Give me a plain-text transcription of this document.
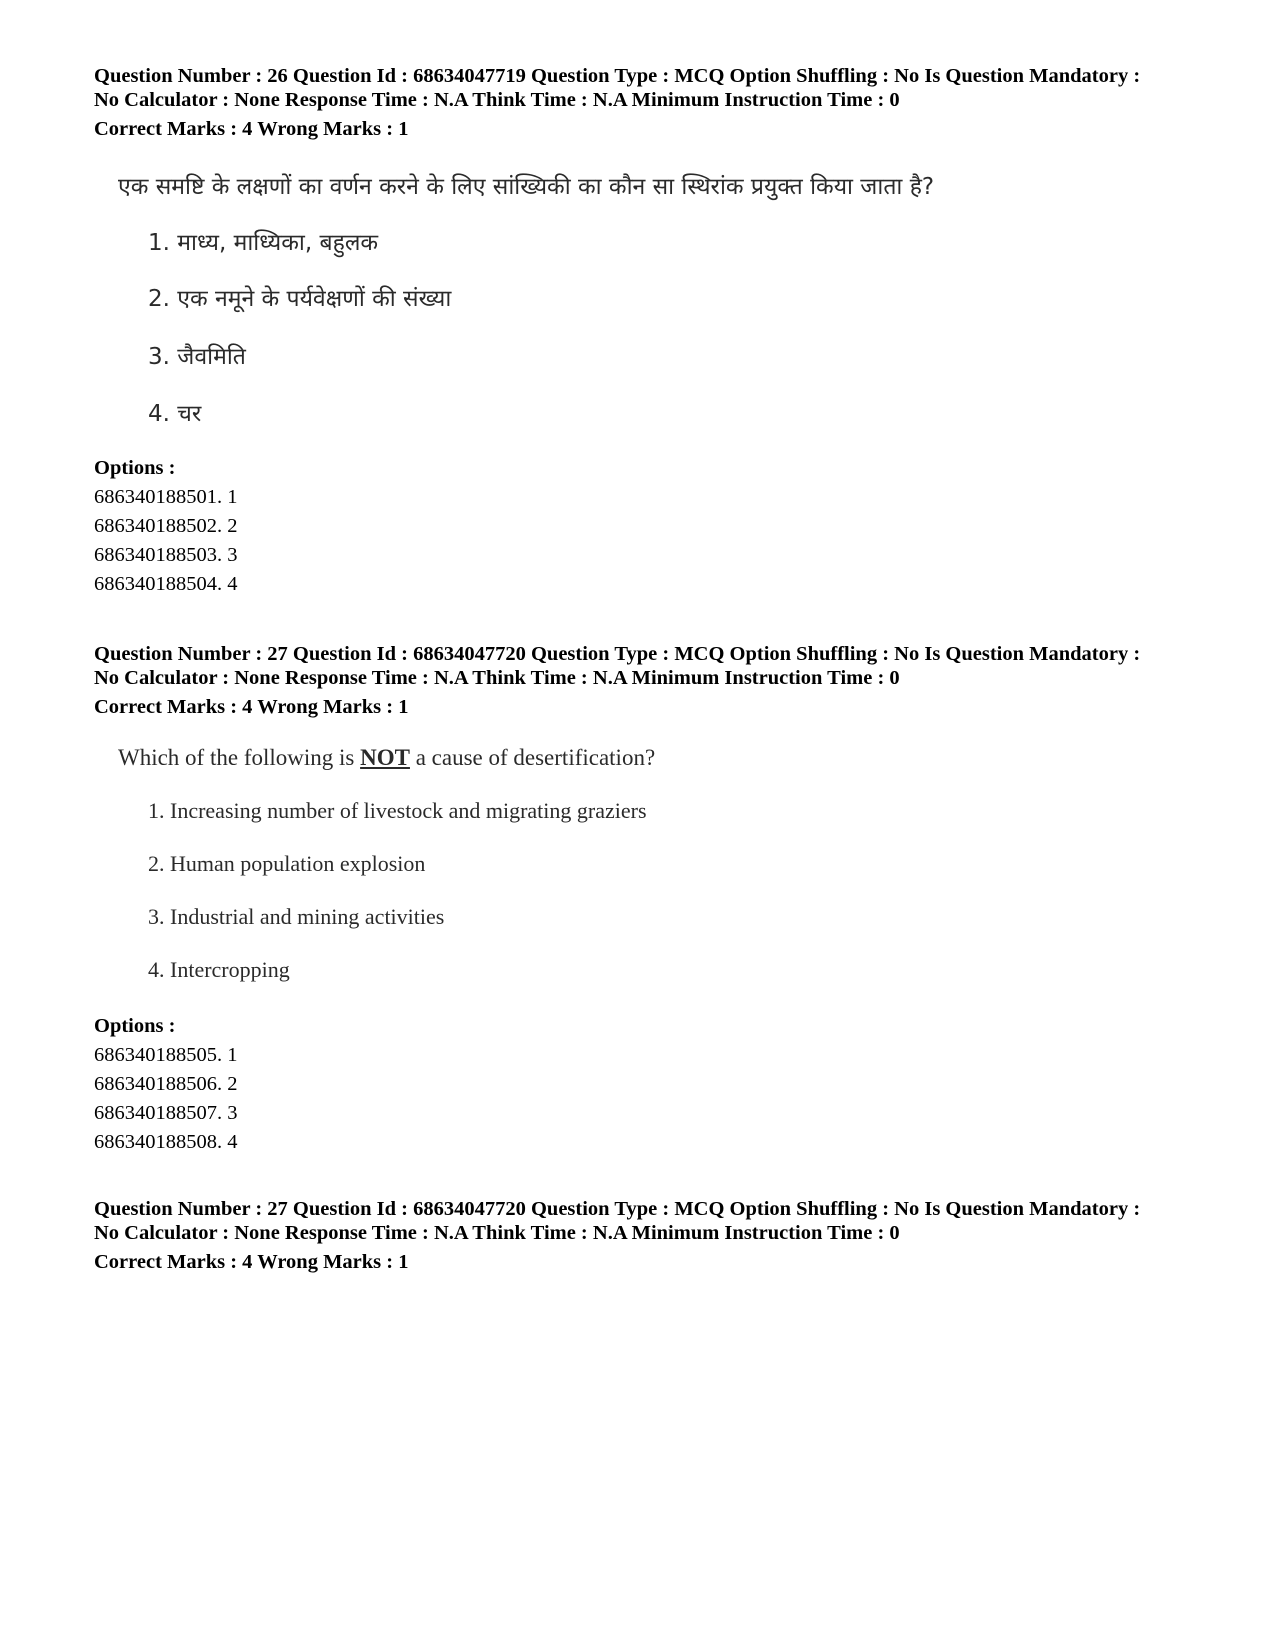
Question Number : 26 Question Id : 68634047719 Question Type : MCQ Option Shuffling : No Is Question Mandatory :
No Calculator : None Response Time : N.A Think Time : N.A Minimum Instruction Time : 0
Correct Marks : 4 Wrong Marks : 1
एक समष्टि के लक्षणों का वर्णन करने के लिए सांख्यिकी का कौन सा स्थिरांक प्रयुक्त किया जाता है?
1. माध्य, माध्यिका, बहुलक
2. एक नमूने के पर्यवेक्षणों की संख्या
3. जैवमिति
4. चर
Options :
686340188501. 1
686340188502. 2
686340188503. 3
686340188504. 4
Question Number : 27 Question Id : 68634047720 Question Type : MCQ Option Shuffling : No Is Question Mandatory :
No Calculator : None Response Time : N.A Think Time : N.A Minimum Instruction Time : 0
Correct Marks : 4 Wrong Marks : 1
Which of the following is NOT a cause of desertification?
1. Increasing number of livestock and migrating graziers
2. Human population explosion
3. Industrial and mining activities
4. Intercropping
Options :
686340188505. 1
686340188506. 2
686340188507. 3
686340188508. 4
Question Number : 27 Question Id : 68634047720 Question Type : MCQ Option Shuffling : No Is Question Mandatory :
No Calculator : None Response Time : N.A Think Time : N.A Minimum Instruction Time : 0
Correct Marks : 4 Wrong Marks : 1
